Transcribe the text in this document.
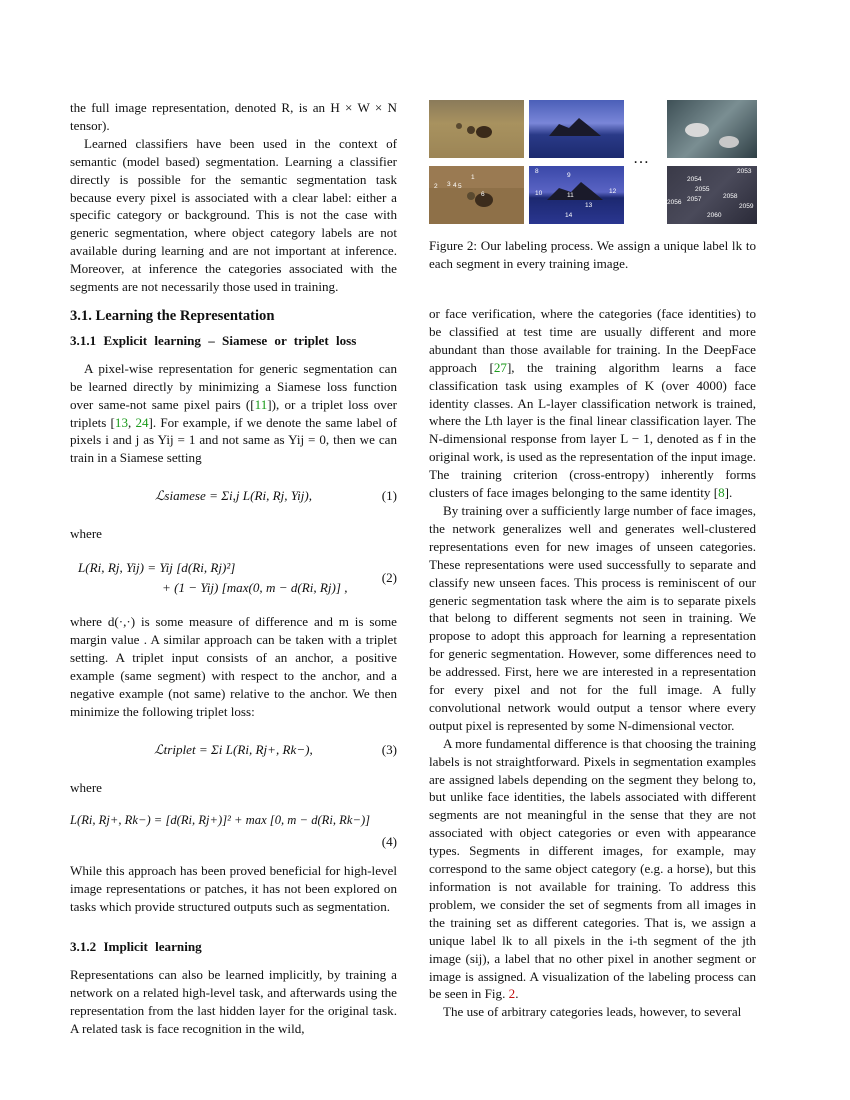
the full image representation, denoted R, is an H × W × N tensor).

Learned classifiers have been used in the context of semantic (model based) segmentation. Learning a classifier directly is possible for the semantic segmentation task because every pixel is associated with a clear label: either a specific category or background. This is not the case with generic segmentation, where object category labels are not available during learning and are not important at inference. Moreover, at inference the categories associated with the segments are not necessarily those used in training.

3.1. Learning the Representation
3.1.1 Explicit learning – Siamese or triplet loss

A pixel-wise representation for generic segmentation can be learned directly by minimizing a Siamese loss function over same-not same pixel pairs ([11]), or a triplet loss over triplets [13, 24]. For example, if we denote the same label of pixels i and j as Yij = 1 and not same as Yij = 0, then we can train in a Siamese setting

ℒsiamese = Σi,j L(Ri, Rj, Yij),	(1)

where

L(Ri, Rj, Yij) = Yij [d(Ri, Rj)²]
+ (1 − Yij) [max(0, m − d(Ri, Rj)] ,
(2)

where d(·,·) is some measure of difference and m is some margin value . A similar approach can be taken with a triplet setting. A triplet input consists of an anchor, a positive example (same segment) with respect to the anchor, and a negative example (not same) relative to the anchor. We then minimize the following triplet loss:

ℒtriplet = Σi L(Ri, Rj+, Rk−),	(3)

where

L(Ri, Rj+, Rk−) = [d(Ri, Rj+)]² + max [0, m − d(Ri, Rk−)]
(4)

While this approach has been proved beneficial for high-level image representations or patches, it has not been explored on tasks which provide structured outputs such as segmentation.

3.1.2 Implicit learning

Representations can also be learned implicitly, by training a network on a related high-level task, and afterwards using the representation from the last hidden layer for the original task. A related task is face recognition in the wild,

1
2 3 4 5
6
8
9
10	11
12
13
14
2053
2054
2055
2056 2057	2058
2059
2060
…
Figure 2: Our labeling process. We assign a unique label lk to each segment in every training image.

or face verification, where the categories (face identities) to be classified at test time are usually different and more abundant than those available for training. In the DeepFace approach [27], the training algorithm learns a face classification task using examples of K (over 4000) face identity classes. An L-layer classification network is trained, where the Lth layer is the final linear classification layer. The N-dimensional response from layer L − 1, denoted as f in the original work, is used as the representation of the input image. The training criterion (cross-entropy) inherently forms clusters of face images belonging to the same identity [8].

By training over a sufficiently large number of face images, the network generalizes well and generates well-clustered representations even for new images of unseen categories. These representations were used successfully to separate and classify new unseen faces. This process is reminiscent of our generic segmentation task where the aim is to separate pixels that belong to different segments not seen in training. We propose to adopt this approach for learning a representation for generic segmentation. However, some differences need to be addressed. First, here we are interested in a representation for every pixel and not for the full image. A fully convolutional network would output a tensor where every output pixel is represented by some N-dimensional vector.

A more fundamental difference is that choosing the training labels is not straightforward. Pixels in segmentation examples are assigned labels depending on the segment they belong to, but unlike face identities, the labels associated with different segments are not meaningful in the sense that they are not associated with object categories or even with appearance types. Segments in different images, for example, may correspond to the same object category (e.g. a horse), but this information is not available for training. To address this problem, we consider the set of segments from all images in the training set as different categories. That is, we assign a unique label lk to all pixels in the i-th segment of the jth image (sij), a label that no other pixel in another segment or image is assigned. A visualization of the labeling process can be seen in Fig. 2.

The use of arbitrary categories leads, however, to several
